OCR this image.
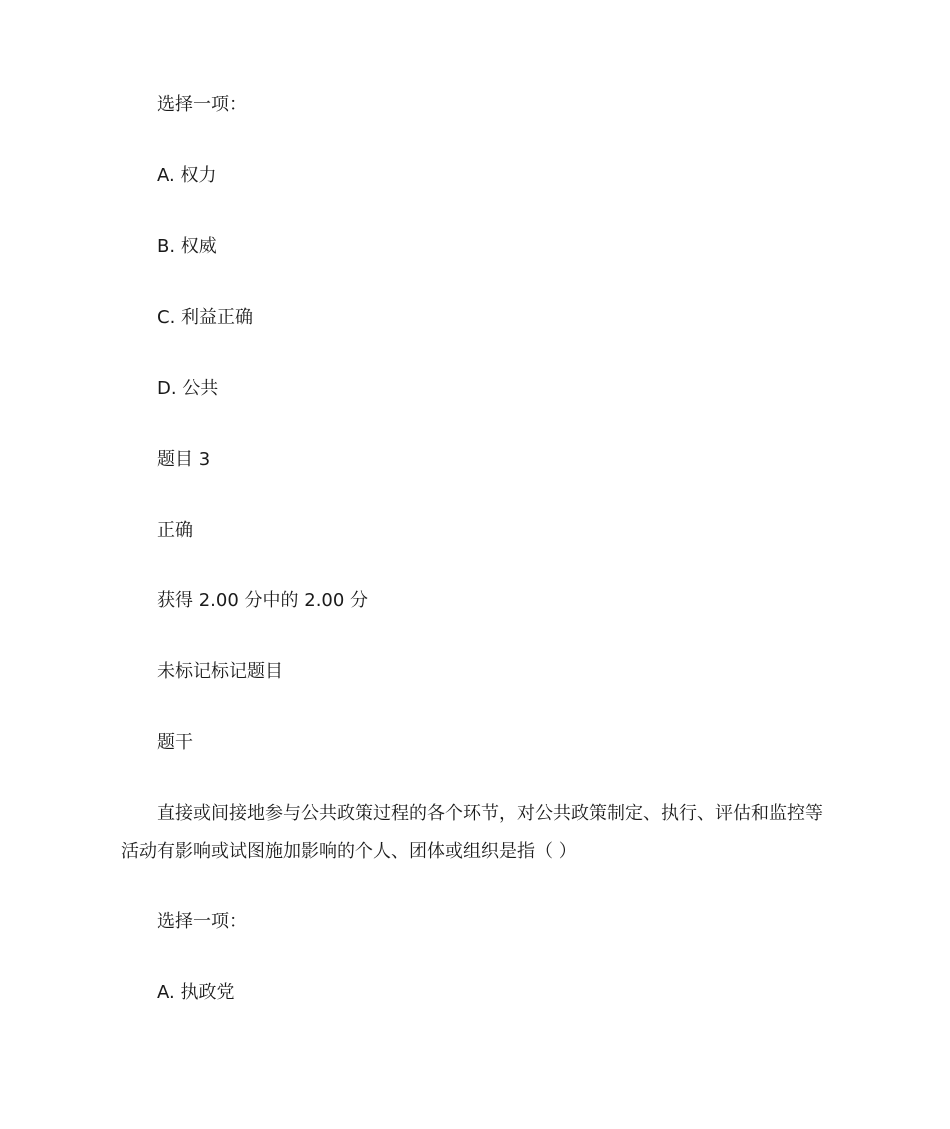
选择一项：
A. 权力
B. 权威
C. 利益正确
D. 公共
题目 3
正确
获得 2.00 分中的 2.00 分
未标记标记题目
题干
直接或间接地参与公共政策过程的各个环节，对公共政策制定、执行、评估和监控等活动有影响或试图施加影响的个人、团体或组织是指（ ）
选择一项：
A. 执政党
